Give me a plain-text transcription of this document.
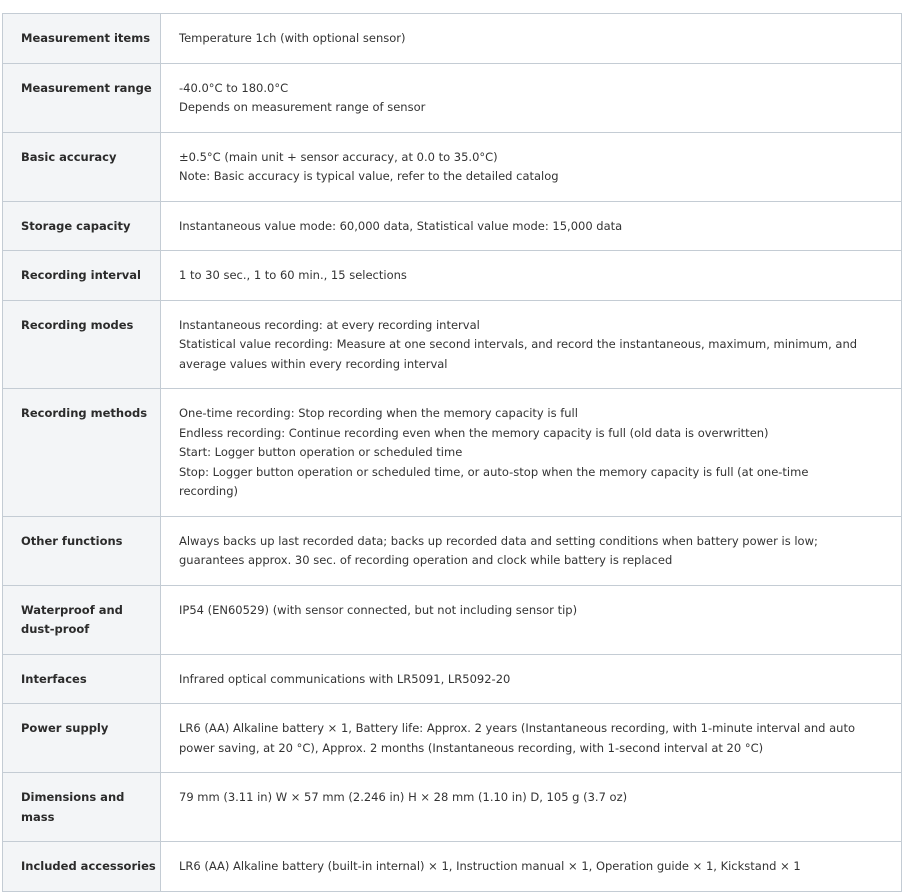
Measurement items	Temperature 1ch (with optional sensor)

Measurement range	-40.0°C to 180.0°C
Depends on measurement range of sensor

Basic accuracy	±0.5°C (main unit + sensor accuracy, at 0.0 to 35.0°C)
Note: Basic accuracy is typical value, refer to the detailed catalog

Storage capacity	Instantaneous value mode: 60,000 data, Statistical value mode: 15,000 data

Recording interval	1 to 30 sec., 1 to 60 min., 15 selections

Recording modes	Instantaneous recording: at every recording interval
Statistical value recording: Measure at one second intervals, and record the instantaneous, maximum, minimum, and average values within every recording interval

Recording methods	One-time recording: Stop recording when the memory capacity is full
Endless recording: Continue recording even when the memory capacity is full (old data is overwritten)
Start: Logger button operation or scheduled time
Stop: Logger button operation or scheduled time, or auto-stop when the memory capacity is full (at one-time recording)

Other functions	Always backs up last recorded data; backs up recorded data and setting conditions when battery power is low; guarantees approx. 30 sec. of recording operation and clock while battery is replaced

Waterproof and dust-proof	IP54 (EN60529) (with sensor connected, but not including sensor tip)

Interfaces	Infrared optical communications with LR5091, LR5092-20

Power supply	LR6 (AA) Alkaline battery × 1, Battery life: Approx. 2 years (Instantaneous recording, with 1-minute interval and auto power saving, at 20 °C), Approx. 2 months (Instantaneous recording, with 1-second interval at 20 °C)

Dimensions and mass	79 mm (3.11 in) W × 57 mm (2.246 in) H × 28 mm (1.10 in) D, 105 g (3.7 oz)

Included accessories	LR6 (AA) Alkaline battery (built-in internal) × 1, Instruction manual × 1, Operation guide × 1, Kickstand × 1
